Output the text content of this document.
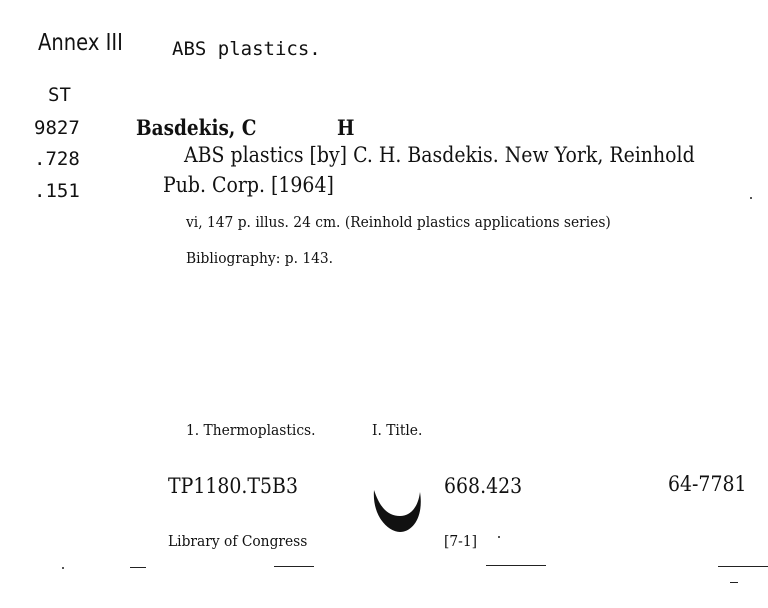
Annex III	ABS plastics.
ST
9827
.728
.151
Basdekis, C	H
ABS plastics [by] C. H. Basdekis. New York, Reinhold
Pub. Corp. [1964]
vi, 147 p. illus. 24 cm. (Reinhold plastics applications series)
Bibliography: p. 143.
1. Thermoplastics.	I. Title.
TP1180.T5B3	668.423	64-7781
Library of Congress	[7-1]
